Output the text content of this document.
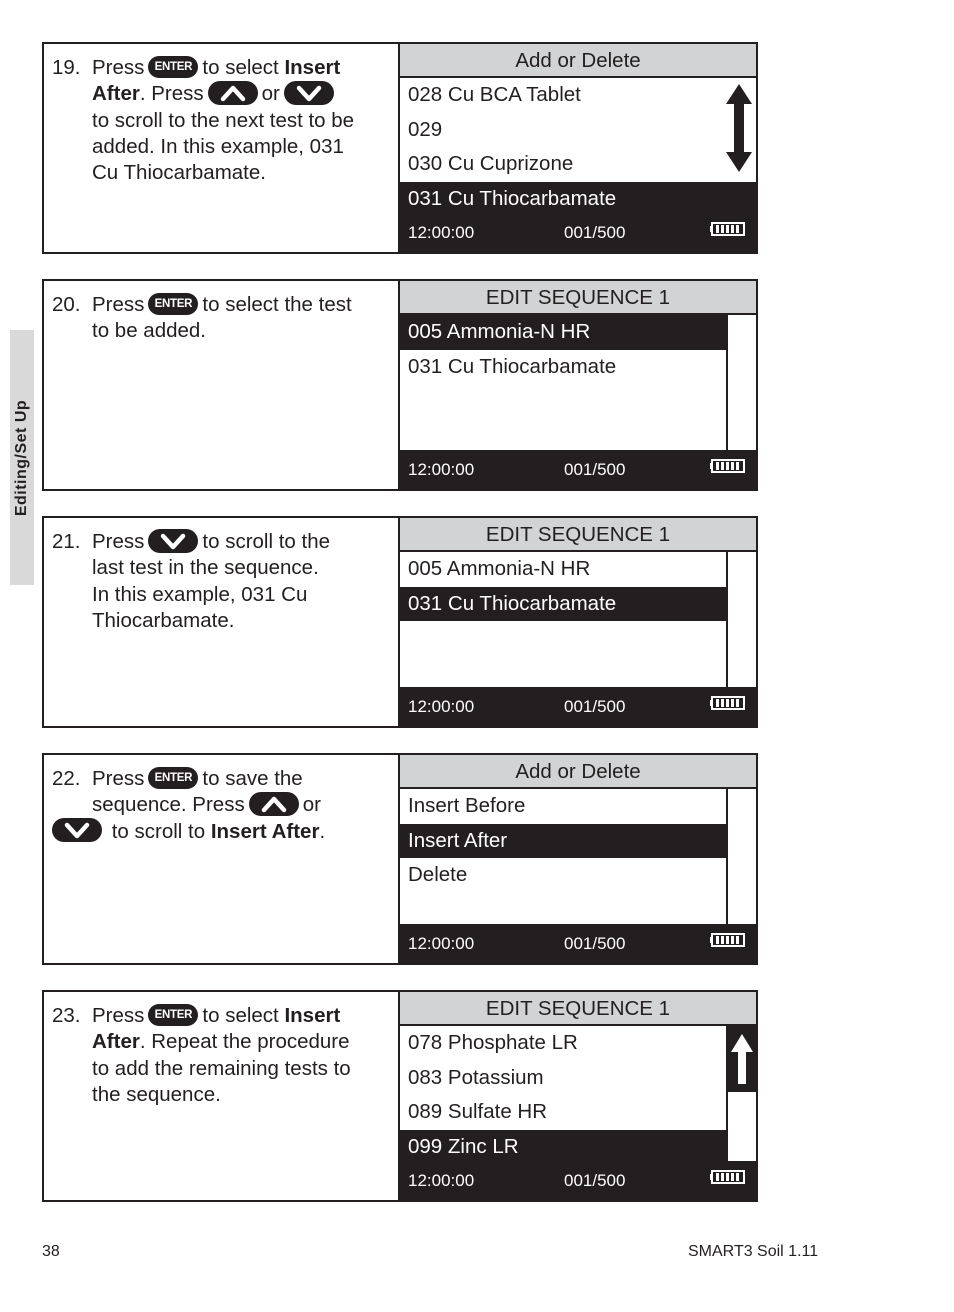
Editing/Set Up
19. Press ENTER to select Insert
After. Press	or
to scroll to the next test to be
added. In this example, 031
Cu Thiocarbamate.
Add or Delete
028 Cu BCA Tablet
029
030 Cu Cuprizone
031 Cu Thiocarbamate
12:00:00	001/500
20. Press ENTER to select the test
to be added.
EDIT SEQUENCE 1
005 Ammonia-N HR
031 Cu Thiocarbamate
12:00:00	001/500
21. Press	to scroll to the
last test in the sequence.
In this example, 031 Cu
Thiocarbamate.
EDIT SEQUENCE 1
005 Ammonia-N HR
031 Cu Thiocarbamate
12:00:00	001/500
22. Press ENTER to save the
sequence. Press	or
to scroll to Insert After.
Add or Delete
Insert Before
Insert After
Delete
12:00:00	001/500
23. Press ENTER to select Insert
After. Repeat the procedure
to add the remaining tests to
the sequence.
EDIT SEQUENCE 1
078 Phosphate LR
083 Potassium
089 Sulfate HR
099 Zinc LR
12:00:00	001/500
38	SMART3 Soil 1.11
